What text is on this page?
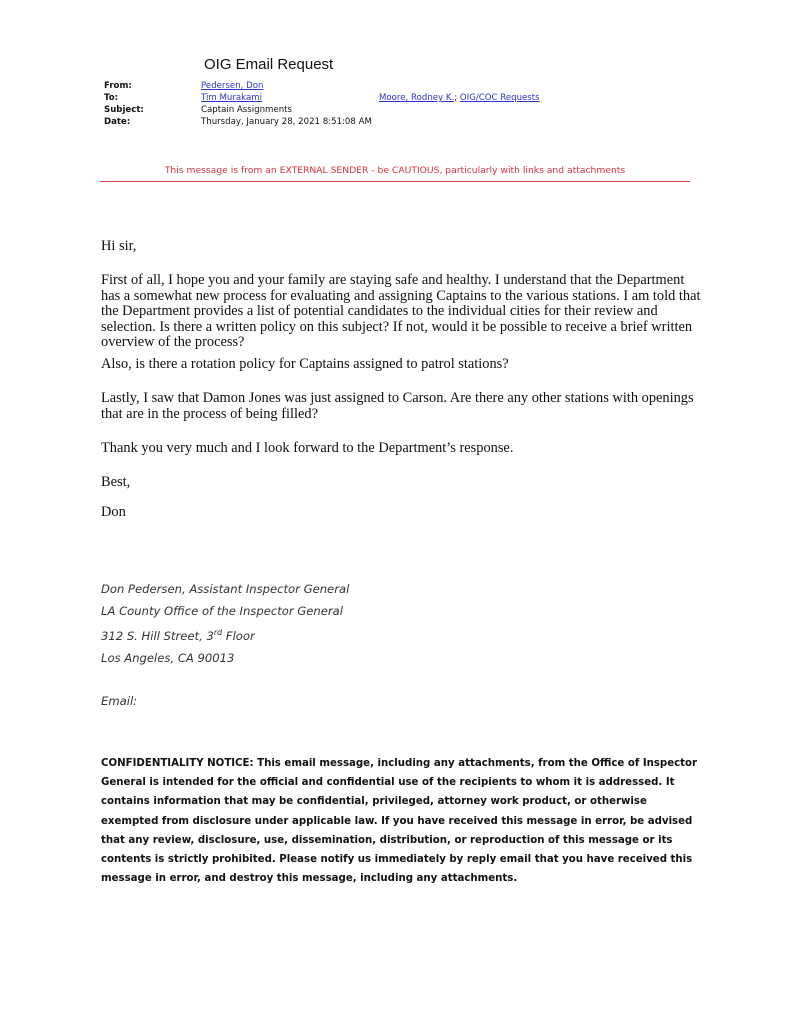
OIG Email Request
From:	Pedersen, Don
To:	Tim Murakami	Moore, Rodney K.; OIG/COC Requests
Subject:	Captain Assignments
Date:	Thursday, January 28, 2021 8:51:08 AM
This message is from an EXTERNAL SENDER - be CAUTIOUS, particularly with links and attachments

Hi sir,

First of all, I hope you and your family are staying safe and healthy. I understand that the Department has a somewhat new process for evaluating and assigning Captains to the various stations. I am told that the Department provides a list of potential candidates to the individual cities for their review and selection. Is there a written policy on this subject? If not, would it be possible to receive a brief written overview of the process?

Also, is there a rotation policy for Captains assigned to patrol stations?

Lastly, I saw that Damon Jones was just assigned to Carson. Are there any other stations with openings that are in the process of being filled?

Thank you very much and I look forward to the Department’s response.

Best,

Don

Don Pedersen, Assistant Inspector General
LA County Office of the Inspector General
312 S. Hill Street, 3rd Floor
Los Angeles, CA 90013
Email:
CONFIDENTIALITY NOTICE: This email message, including any attachments, from the Office of Inspector General is intended for the official and confidential use of the recipients to whom it is addressed. It contains information that may be confidential, privileged, attorney work product, or otherwise exempted from disclosure under applicable law. If you have received this message in error, be advised that any review, disclosure, use, dissemination, distribution, or reproduction of this message or its contents is strictly prohibited. Please notify us immediately by reply email that you have received this message in error, and destroy this message, including any attachments.
